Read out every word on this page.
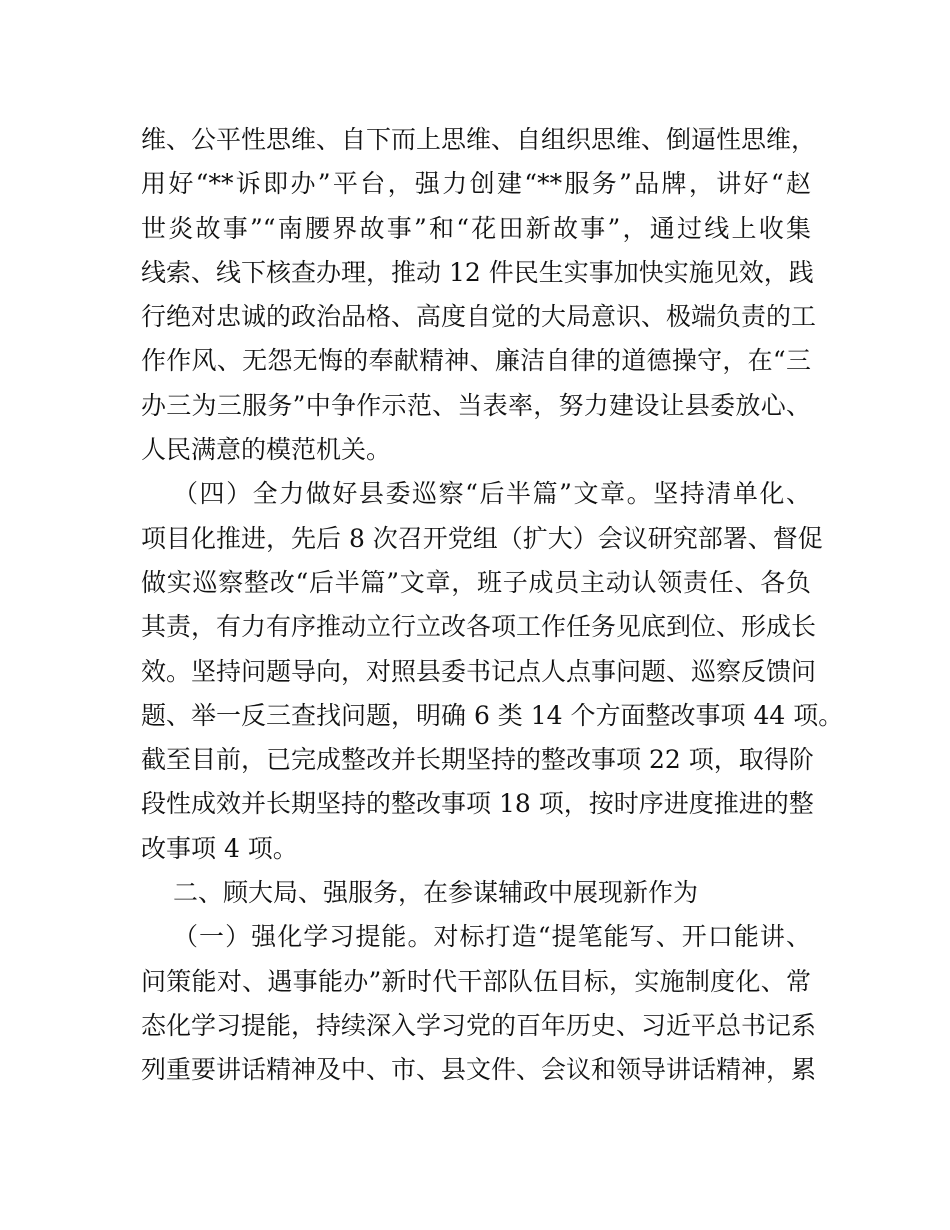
维、公平性思维、自下而上思维、自组织思维、倒逼性思维，
用好“**诉即办”平台，强力创建“**服务”品牌，讲好“赵
世炎故事”“南腰界故事”和“花田新故事”，通过线上收集
线索、线下核查办理，推动 12 件民生实事加快实施见效，践
行绝对忠诚的政治品格、高度自觉的大局意识、极端负责的工
作作风、无怨无悔的奉献精神、廉洁自律的道德操守，在“三
办三为三服务”中争作示范、当表率，努力建设让县委放心、
人民满意的模范机关。
（四）全力做好县委巡察“后半篇”文章。坚持清单化、
项目化推进，先后 8 次召开党组（扩大）会议研究部署、督促
做实巡察整改“后半篇”文章，班子成员主动认领责任、各负
其责，有力有序推动立行立改各项工作任务见底到位、形成长
效。坚持问题导向，对照县委书记点人点事问题、巡察反馈问
题、举一反三查找问题，明确 6 类 14 个方面整改事项 44 项。
截至目前，已完成整改并长期坚持的整改事项 22 项，取得阶
段性成效并长期坚持的整改事项 18 项，按时序进度推进的整
改事项 4 项。
二、顾大局、强服务，在参谋辅政中展现新作为
（一）强化学习提能。对标打造“提笔能写、开口能讲、
问策能对、遇事能办”新时代干部队伍目标，实施制度化、常
态化学习提能，持续深入学习党的百年历史、习近平总书记系
列重要讲话精神及中、市、县文件、会议和领导讲话精神，累
